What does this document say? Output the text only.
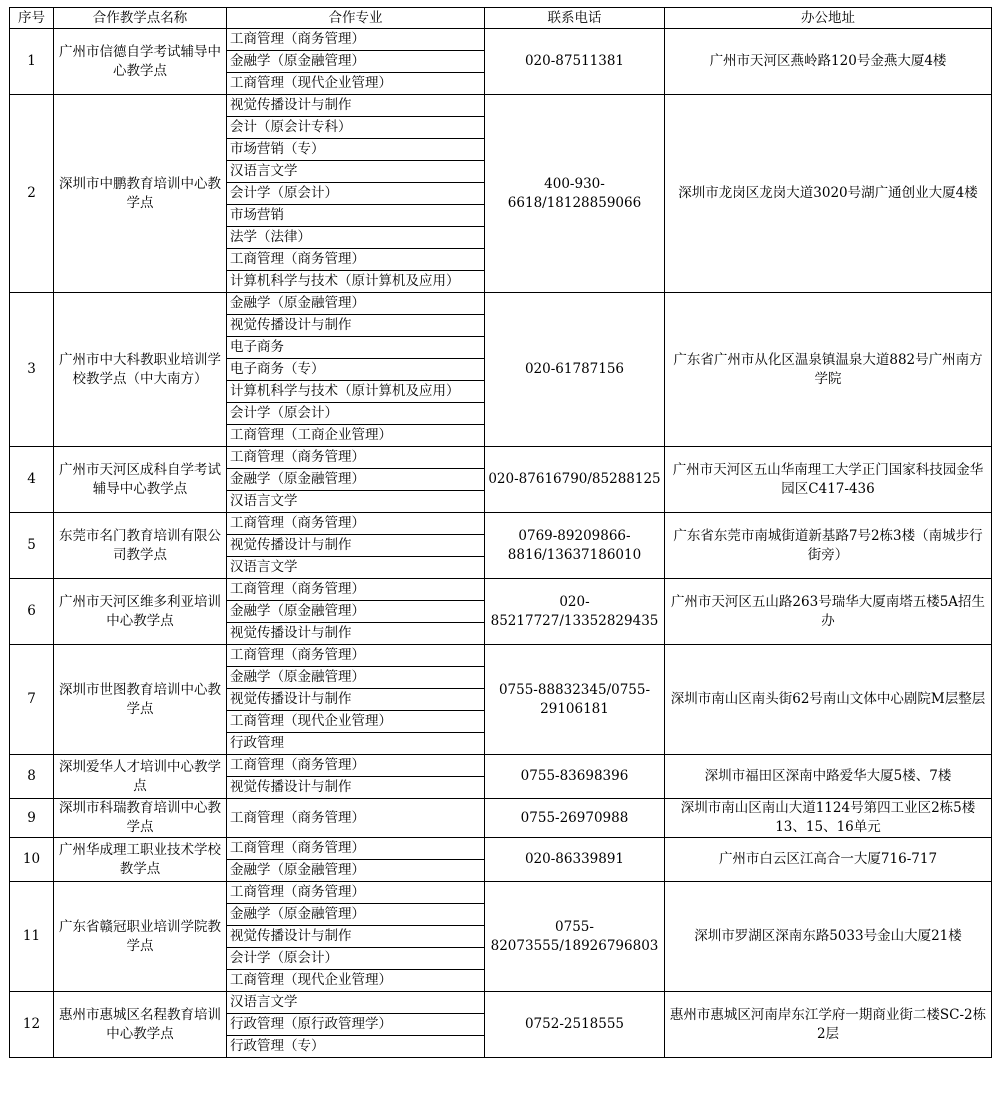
序号	合作教学点名称	合作专业	联系电话	办公地址
1	广州市信德自学考试辅导中心教学点	工商管理（商务管理）	020-87511381	广州市天河区燕岭路120号金燕大厦4楼
		金融学（原金融管理）		
		工商管理（现代企业管理）		
2	深圳市中鹏教育培训中心教学点	视觉传播设计与制作	400-930-6618/18128859066	深圳市龙岗区龙岗大道3020号湖广通创业大厦4楼
		会计（原会计专科）		
		市场营销（专）		
		汉语言文学		
		会计学（原会计）		
		市场营销		
		法学（法律）		
		工商管理（商务管理）		
		计算机科学与技术（原计算机及应用）		
3	广州市中大科教职业培训学校教学点（中大南方）	金融学（原金融管理）	020-61787156	广东省广州市从化区温泉镇温泉大道882号广州南方学院
		视觉传播设计与制作		
		电子商务		
		电子商务（专）		
		计算机科学与技术（原计算机及应用）		
		会计学（原会计）		
		工商管理（工商企业管理）		
4	广州市天河区成科自学考试辅导中心教学点	工商管理（商务管理）	020-87616790/85288125	广州市天河区五山华南理工大学正门国家科技园金华园区C417-436
		金融学（原金融管理）		
		汉语言文学		
5	东莞市名门教育培训有限公司教学点	工商管理（商务管理）	0769-89209866-8816/13637186010	广东省东莞市南城街道新基路7号2栋3楼（南城步行街旁）
		视觉传播设计与制作		
		汉语言文学		
6	广州市天河区维多利亚培训中心教学点	工商管理（商务管理）	020-85217727/13352829435	广州市天河区五山路263号瑞华大厦南塔五楼5A招生办
		金融学（原金融管理）		
		视觉传播设计与制作		
7	深圳市世图教育培训中心教学点	工商管理（商务管理）	0755-88832345/0755-29106181	深圳市南山区南头街62号南山文体中心剧院M层整层
		金融学（原金融管理）		
		视觉传播设计与制作		
		工商管理（现代企业管理）		
		行政管理		
8	深圳爱华人才培训中心教学点	工商管理（商务管理）	0755-83698396	深圳市福田区深南中路爱华大厦5楼、7楼
		视觉传播设计与制作		
9	深圳市科瑞教育培训中心教学点	工商管理（商务管理）	0755-26970988	深圳市南山区南山大道1124号第四工业区2栋5楼13、15、16单元
10	广州华成理工职业技术学校教学点	工商管理（商务管理）	020-86339891	广州市白云区江高合一大厦716-717
		金融学（原金融管理）		
11	广东省赣冠职业培训学院教学点	工商管理（商务管理）	0755-82073555/18926796803	深圳市罗湖区深南东路5033号金山大厦21楼
		金融学（原金融管理）		
		视觉传播设计与制作		
		会计学（原会计）		
		工商管理（现代企业管理）		
12	惠州市惠城区名程教育培训中心教学点	汉语言文学	0752-2518555	惠州市惠城区河南岸东江学府一期商业街二楼SC-2栋2层
		行政管理（原行政管理学）		
		行政管理（专）		
